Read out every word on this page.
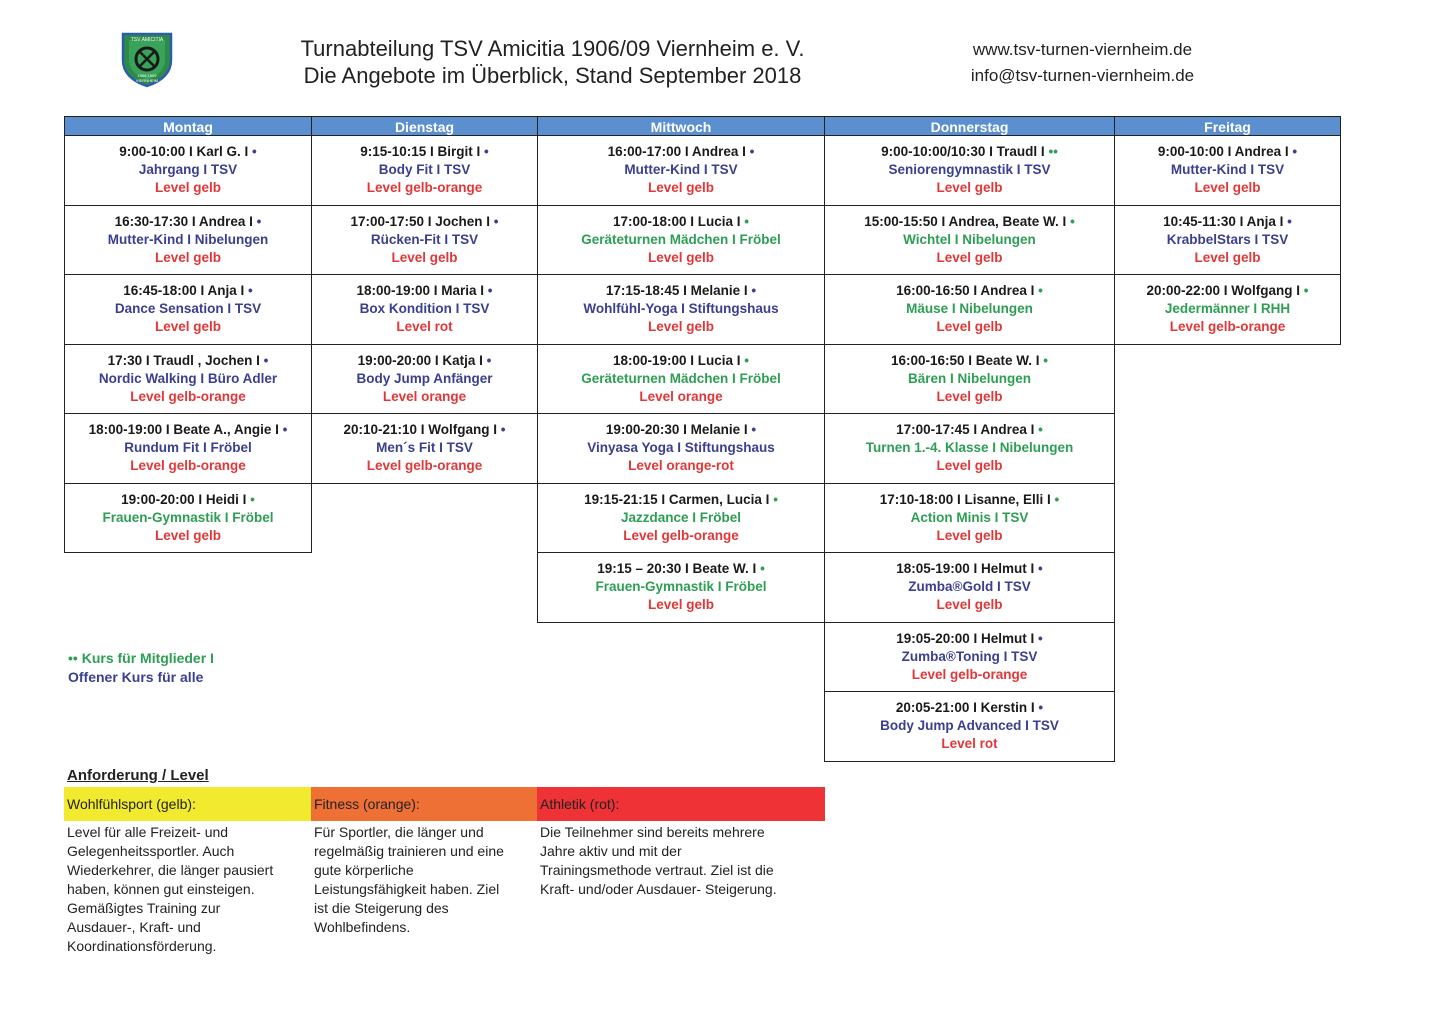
TSV AMICITIA
1906 1909
VIERNHEIM
Turnabteilung TSV Amicitia 1906/09 Viernheim e. V.
Die Angebote im Überblick, Stand September 2018
www.tsv-turnen-viernheim.de
info@tsv-turnen-viernheim.de
Montag
9:00-10:00 I Karl G. I •
Jahrgang I TSV
Level gelb
16:30-17:30 I Andrea I •
Mutter-Kind I Nibelungen
Level gelb
16:45-18:00 I Anja I •
Dance Sensation I TSV
Level gelb
17:30 I Traudl , Jochen I •
Nordic Walking I Büro Adler
Level gelb-orange
18:00-19:00 I Beate A., Angie I •
Rundum Fit I Fröbel
Level gelb-orange
19:00-20:00 I Heidi I •
Frauen-Gymnastik I Fröbel
Level gelb
Dienstag
9:15-10:15 I Birgit I •
Body Fit I TSV
Level gelb-orange
17:00-17:50 I Jochen I •
Rücken-Fit I TSV
Level gelb
18:00-19:00 I Maria I •
Box Kondition I TSV
Level rot
19:00-20:00 I Katja I •
Body Jump Anfänger
Level orange
20:10-21:10 I Wolfgang I •
Men´s Fit I TSV
Level gelb-orange
Mittwoch
16:00-17:00 I Andrea I •
Mutter-Kind I TSV
Level gelb
17:00-18:00 I Lucia I •
Geräteturnen Mädchen I Fröbel
Level gelb
17:15-18:45 I Melanie I •
Wohlfühl-Yoga I Stiftungshaus
Level gelb
18:00-19:00 I Lucia I •
Geräteturnen Mädchen I Fröbel
Level orange
19:00-20:30 I Melanie I •
Vinyasa Yoga I Stiftungshaus
Level orange-rot
19:15-21:15 I Carmen, Lucia I •
Jazzdance I Fröbel
Level gelb-orange
19:15 – 20:30 I Beate W. I •
Frauen-Gymnastik I Fröbel
Level gelb
Donnerstag
9:00-10:00/10:30 I Traudl I ••
Seniorengymnastik I TSV
Level gelb
15:00-15:50 I Andrea, Beate W. I •
Wichtel I Nibelungen
Level gelb
16:00-16:50 I Andrea I •
Mäuse I Nibelungen
Level gelb
16:00-16:50 I Beate W. I •
Bären I Nibelungen
Level gelb
17:00-17:45 I Andrea I •
Turnen 1.-4. Klasse I Nibelungen
Level gelb
17:10-18:00 I Lisanne, Elli I •
Action Minis I TSV
Level gelb
18:05-19:00 I Helmut I •
Zumba®Gold I TSV
Level gelb
19:05-20:00 I Helmut I •
Zumba®Toning I TSV
Level gelb-orange
20:05-21:00 I Kerstin I •
Body Jump Advanced I TSV
Level rot
Freitag
9:00-10:00 I Andrea I •
Mutter-Kind I TSV
Level gelb
10:45-11:30 I Anja I •
KrabbelStars I TSV
Level gelb
20:00-22:00 I Wolfgang I •
Jedermänner I RHH
Level gelb-orange
•• Kurs für Mitglieder I
Offener Kurs für alle
Anforderung / Level
Wohlfühlsport (gelb):	Fitness (orange):	Athletik (rot):
Level für alle Freizeit- und
Gelegenheitssportler. Auch
Wiederkehrer, die länger pausiert
haben, können gut einsteigen.
Gemäßigtes Training zur
Ausdauer-, Kraft- und
Koordinationsförderung.
Für Sportler, die länger und
regelmäßig trainieren und eine
gute körperliche
Leistungsfähigkeit haben. Ziel
ist die Steigerung des
Wohlbefindens.
Die Teilnehmer sind bereits mehrere
Jahre aktiv und mit der
Trainingsmethode vertraut. Ziel ist die
Kraft- und/oder Ausdauer- Steigerung.
